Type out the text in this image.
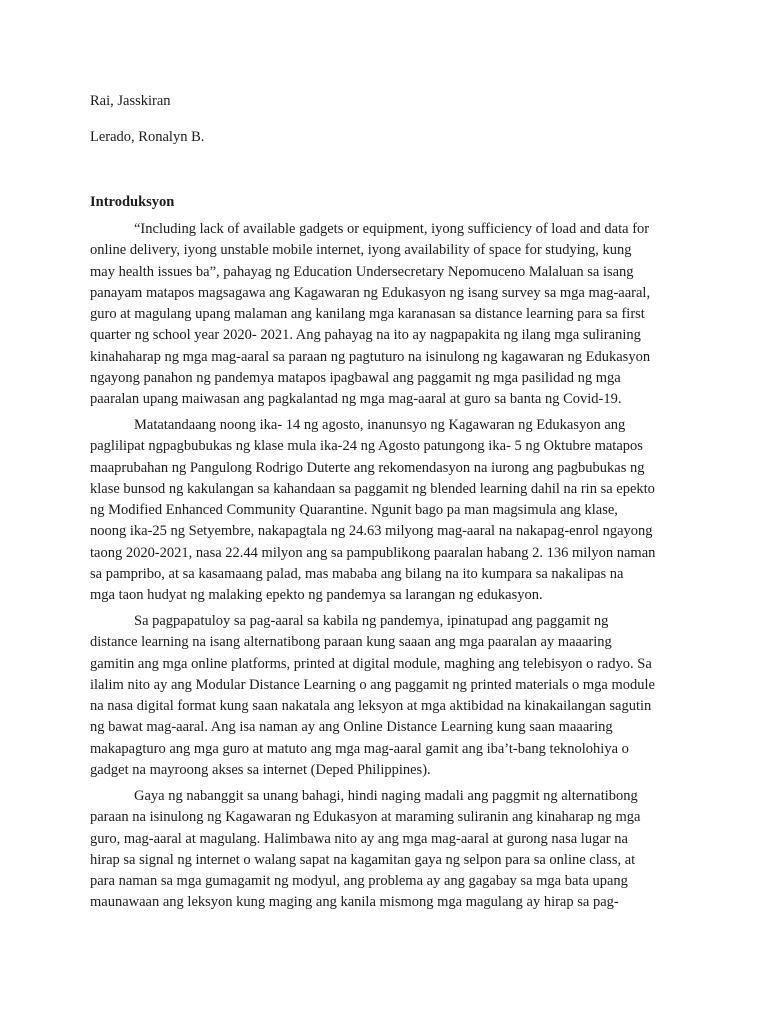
Rai, Jasskiran

Lerado, Ronalyn B.

Introduksyon
“Including lack of available gadgets or equipment, iyong sufficiency of load and data for
online delivery, iyong unstable mobile internet, iyong availability of space for studying, kung
may health issues ba”, pahayag ng Education Undersecretary Nepomuceno Malaluan sa isang
panayam matapos magsagawa ang Kagawaran ng Edukasyon ng isang survey sa mga mag-aaral,
guro at magulang upang malaman ang kanilang mga karanasan sa distance learning para sa first
quarter ng school year 2020- 2021. Ang pahayag na ito ay nagpapakita ng ilang mga suliraning
kinahaharap ng mga mag-aaral sa paraan ng pagtuturo na isinulong ng kagawaran ng Edukasyon
ngayong panahon ng pandemya matapos ipagbawal ang paggamit ng mga pasilidad ng mga
paaralan upang maiwasan ang pagkalantad ng mga mag-aaral at guro sa banta ng Covid-19.
Matatandaang noong ika- 14 ng agosto, inanunsyo ng Kagawaran ng Edukasyon ang
paglilipat ngpagbubukas ng klase mula ika-24 ng Agosto patungong ika- 5 ng Oktubre matapos
maaprubahan ng Pangulong Rodrigo Duterte ang rekomendasyon na iurong ang pagbubukas ng
klase bunsod ng kakulangan sa kahandaan sa paggamit ng blended learning dahil na rin sa epekto
ng Modified Enhanced Community Quarantine. Ngunit bago pa man magsimula ang klase,
noong ika-25 ng Setyembre, nakapagtala ng 24.63 milyong mag-aaral na nakapag-enrol ngayong
taong 2020-2021, nasa 22.44 milyon ang sa pampublikong paaralan habang 2. 136 milyon naman
sa pampribo, at sa kasamaang palad, mas mababa ang bilang na ito kumpara sa nakalipas na
mga taon hudyat ng malaking epekto ng pandemya sa larangan ng edukasyon.
Sa pagpapatuloy sa pag-aaral sa kabila ng pandemya, ipinatupad ang paggamit ng
distance learning na isang alternatibong paraan kung saaan ang mga paaralan ay maaaring
gamitin ang mga online platforms, printed at digital module, maghing ang telebisyon o radyo. Sa
ilalim nito ay ang Modular Distance Learning o ang paggamit ng printed materials o mga module
na nasa digital format kung saan nakatala ang leksyon at mga aktibidad na kinakailangan sagutin
ng bawat mag-aaral. Ang isa naman ay ang Online Distance Learning kung saan maaaring
makapagturo ang mga guro at matuto ang mga mag-aaral gamit ang iba’t-bang teknolohiya o
gadget na mayroong akses sa internet (Deped Philippines).
Gaya ng nabanggit sa unang bahagi, hindi naging madali ang paggmit ng alternatibong
paraan na isinulong ng Kagawaran ng Edukasyon at maraming suliranin ang kinaharap ng mga
guro, mag-aaral at magulang. Halimbawa nito ay ang mga mag-aaral at gurong nasa lugar na
hirap sa signal ng internet o walang sapat na kagamitan gaya ng selpon para sa online class, at
para naman sa mga gumagamit ng modyul, ang problema ay ang gagabay sa mga bata upang
maunawaan ang leksyon kung maging ang kanila mismong mga magulang ay hirap sa pag-
